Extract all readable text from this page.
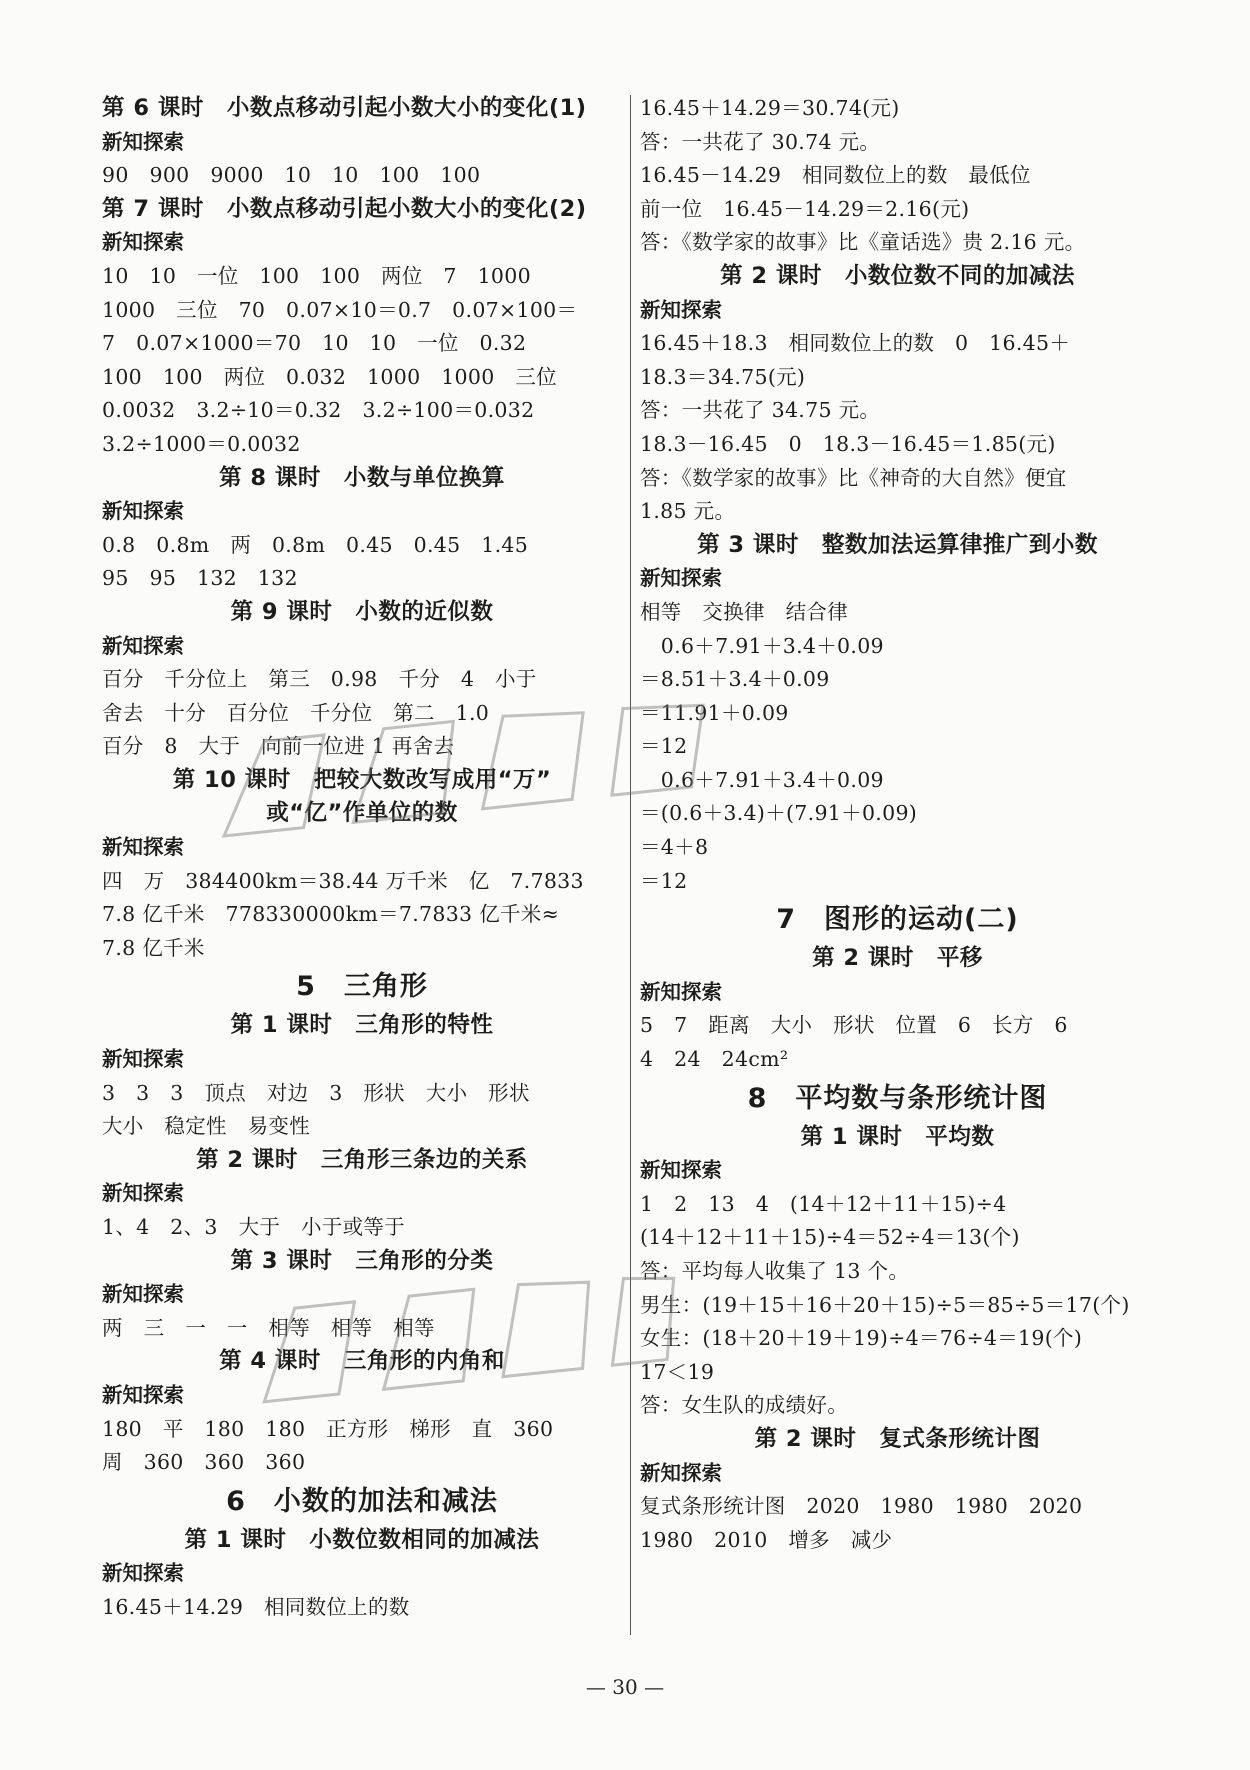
第 6 课时　小数点移动引起小数大小的变化(1)
新知探索
90　900　9000　10　10　100　100
第 7 课时　小数点移动引起小数大小的变化(2)
新知探索
10　10　一位　100　100　两位　7　1000
1000　三位　70　0.07×10＝0.7　0.07×100＝
7　0.07×1000＝70　10　10　一位　0.32
100　100　两位　0.032　1000　1000　三位
0.0032　3.2÷10＝0.32　3.2÷100＝0.032
3.2÷1000＝0.0032
第 8 课时　小数与单位换算
新知探索
0.8　0.8m　两　0.8m　0.45　0.45　1.45
95　95　132　132
第 9 课时　小数的近似数
新知探索
百分　千分位上　第三　0.98　千分　4　小于
舍去　十分　百分位　千分位　第二　1.0
百分　8　大于　向前一位进 1 再舍去
第 10 课时　把较大数改写成用“万”
或“亿”作单位的数
新知探索
四　万　384400km＝38.44 万千米　亿　7.7833
7.8 亿千米　778330000km＝7.7833 亿千米≈
7.8 亿千米
5　三角形
第 1 课时　三角形的特性
新知探索
3　3　3　顶点　对边　3　形状　大小　形状
大小　稳定性　易变性
第 2 课时　三角形三条边的关系
新知探索
1、4　2、3　大于　小于或等于
第 3 课时　三角形的分类
新知探索
两　三　一　一　相等　相等　相等
第 4 课时　三角形的内角和
新知探索
180　平　180　180　正方形　梯形　直　360
周　360　360　360
6　小数的加法和减法
第 1 课时　小数位数相同的加减法
新知探索
16.45＋14.29　相同数位上的数
16.45＋14.29＝30.74(元)
答：一共花了 30.74 元。
16.45－14.29　相同数位上的数　最低位
前一位　16.45－14.29＝2.16(元)
答：《数学家的故事》比《童话选》贵 2.16 元。
第 2 课时　小数位数不同的加减法
新知探索
16.45＋18.3　相同数位上的数　0　16.45＋
18.3＝34.75(元)
答：一共花了 34.75 元。
18.3－16.45　0　18.3－16.45＝1.85(元)
答：《数学家的故事》比《神奇的大自然》便宜
1.85 元。
第 3 课时　整数加法运算律推广到小数
新知探索
相等　交换律　结合律
　0.6＋7.91＋3.4＋0.09
＝8.51＋3.4＋0.09
＝11.91＋0.09
＝12
　0.6＋7.91＋3.4＋0.09
＝(0.6＋3.4)＋(7.91＋0.09)
＝4＋8
＝12
7　图形的运动(二)
第 2 课时　平移
新知探索
5　7　距离　大小　形状　位置　6　长方　6
4　24　24cm²
8　平均数与条形统计图
第 1 课时　平均数
新知探索
1　2　13　4　(14＋12＋11＋15)÷4
(14＋12＋11＋15)÷4＝52÷4＝13(个)
答：平均每人收集了 13 个。
男生：(19＋15＋16＋20＋15)÷5＝85÷5＝17(个)
女生：(18＋20＋19＋19)÷4＝76÷4＝19(个)
17＜19
答：女生队的成绩好。
第 2 课时　复式条形统计图
新知探索
复式条形统计图　2020　1980　1980　2020
1980　2010　增多　减少
— 30 —
